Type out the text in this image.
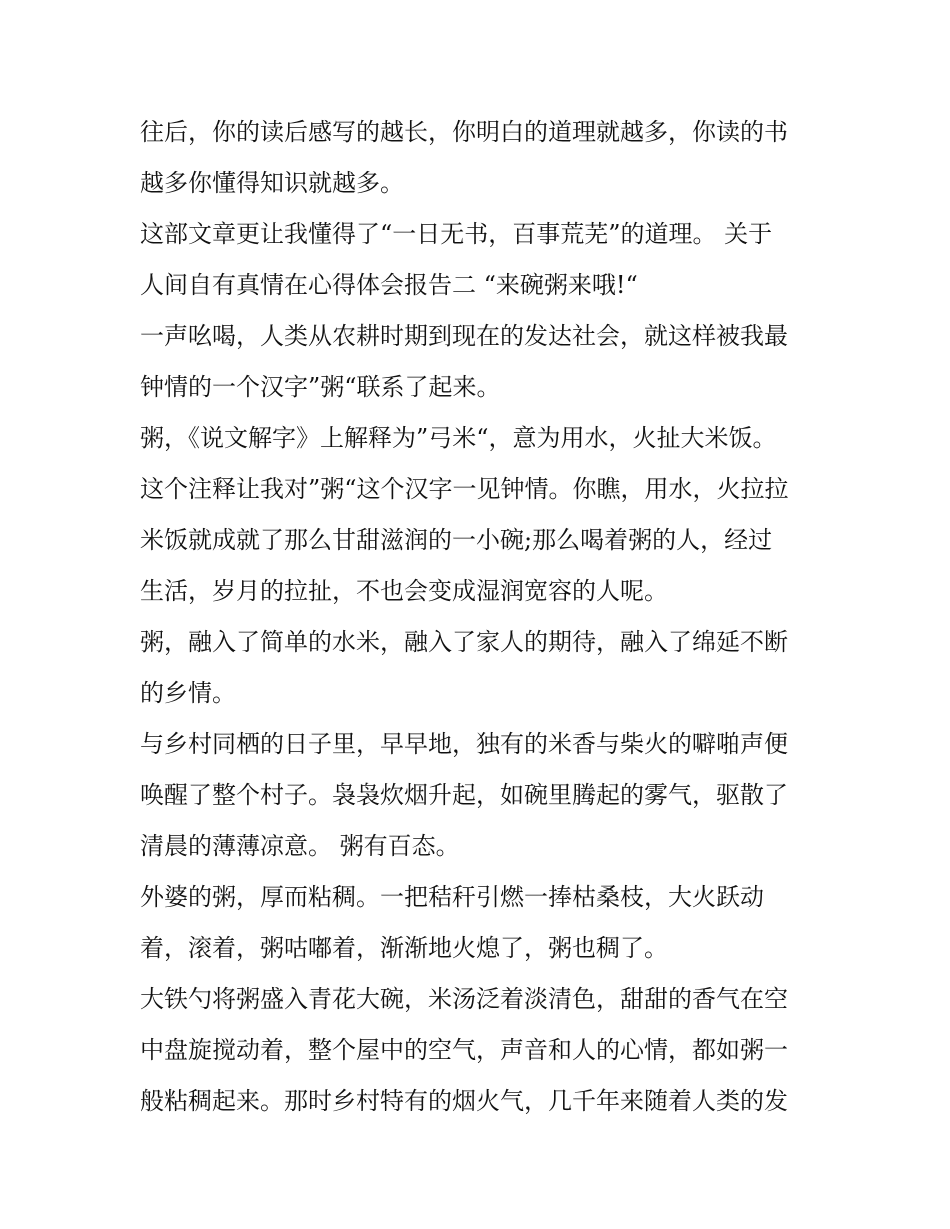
往后，你的读后感写的越长，你明白的道理就越多，你读的书
越多你懂得知识就越多。
这部文章更让我懂得了“一日无书，百事荒芜”的道理。 关于
人间自有真情在心得体会报告二 “来碗粥来哦!“
一声吆喝，人类从农耕时期到现在的发达社会，就这样被我最
钟情的一个汉字”粥“联系了起来。
粥，《说文解字》上解释为”弓米“，意为用水，火扯大米饭。
这个注释让我对”粥“这个汉字一见钟情。你瞧，用水，火拉拉
米饭就成就了那么甘甜滋润的一小碗;那么喝着粥的人，经过
生活，岁月的拉扯，不也会变成湿润宽容的人呢。
粥，融入了简单的水米，融入了家人的期待，融入了绵延不断
的乡情。
与乡村同栖的日子里，早早地，独有的米香与柴火的噼啪声便
唤醒了整个村子。袅袅炊烟升起，如碗里腾起的雾气，驱散了
清晨的薄薄凉意。 粥有百态。
外婆的粥，厚而粘稠。一把秸秆引燃一捧枯桑枝，大火跃动
着，滚着，粥咕嘟着，渐渐地火熄了，粥也稠了。
大铁勺将粥盛入青花大碗，米汤泛着淡清色，甜甜的香气在空
中盘旋搅动着，整个屋中的空气，声音和人的心情，都如粥一
般粘稠起来。那时乡村特有的烟火气，几千年来随着人类的发
